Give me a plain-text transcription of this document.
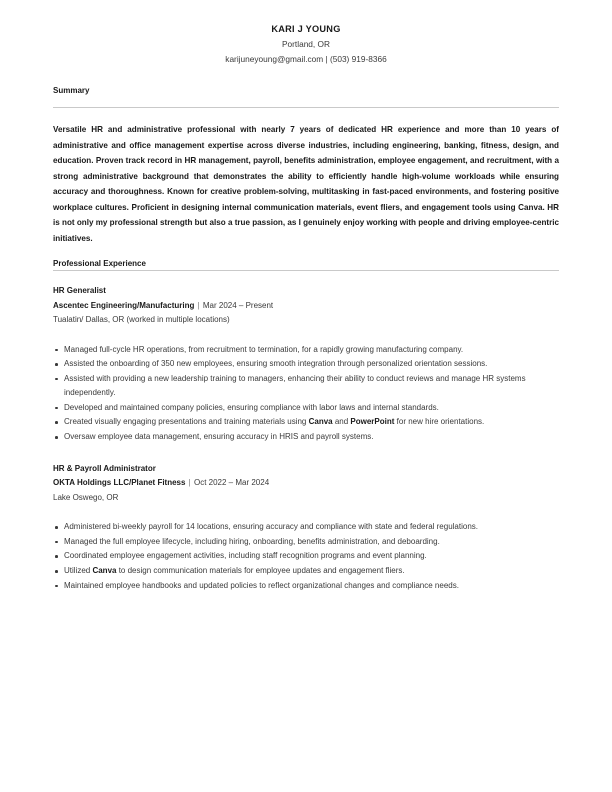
KARI J YOUNG
Portland, OR
karijuneyoung@gmail.com | (503) 919-8366
Summary

Versatile HR and administrative professional with nearly 7 years of dedicated HR experience and more than 10 years of administrative and office management expertise across diverse industries, including engineering, banking, fitness, design, and education. Proven track record in HR management, payroll, benefits administration, employee engagement, and recruitment, with a strong administrative background that demonstrates the ability to efficiently handle high-volume workloads while ensuring accuracy and thoroughness. Known for creative problem-solving, multitasking in fast-paced environments, and fostering positive workplace cultures. Proficient in designing internal communication materials, event fliers, and engagement tools using Canva. HR is not only my professional strength but also a true passion, as I genuinely enjoy working with people and driving employee-centric initiatives.

Professional Experience
HR Generalist
Ascentec Engineering/Manufacturing | Mar 2024 – Present
Tualatin/ Dallas, OR (worked in multiple locations)
Managed full-cycle HR operations, from recruitment to termination, for a rapidly growing manufacturing company.
Assisted the onboarding of 350 new employees, ensuring smooth integration through personalized orientation sessions.
Assisted with providing a new leadership training to managers, enhancing their ability to conduct reviews and manage HR systems independently.
Developed and maintained company policies, ensuring compliance with labor laws and internal standards.
Created visually engaging presentations and training materials using Canva and PowerPoint for new hire orientations.
Oversaw employee data management, ensuring accuracy in HRIS and payroll systems.
HR & Payroll Administrator
OKTA Holdings LLC/Planet Fitness | Oct 2022 – Mar 2024
Lake Oswego, OR
Administered bi-weekly payroll for 14 locations, ensuring accuracy and compliance with state and federal regulations.
Managed the full employee lifecycle, including hiring, onboarding, benefits administration, and deboarding.
Coordinated employee engagement activities, including staff recognition programs and event planning.
Utilized Canva to design communication materials for employee updates and engagement fliers.
Maintained employee handbooks and updated policies to reflect organizational changes and compliance needs.
